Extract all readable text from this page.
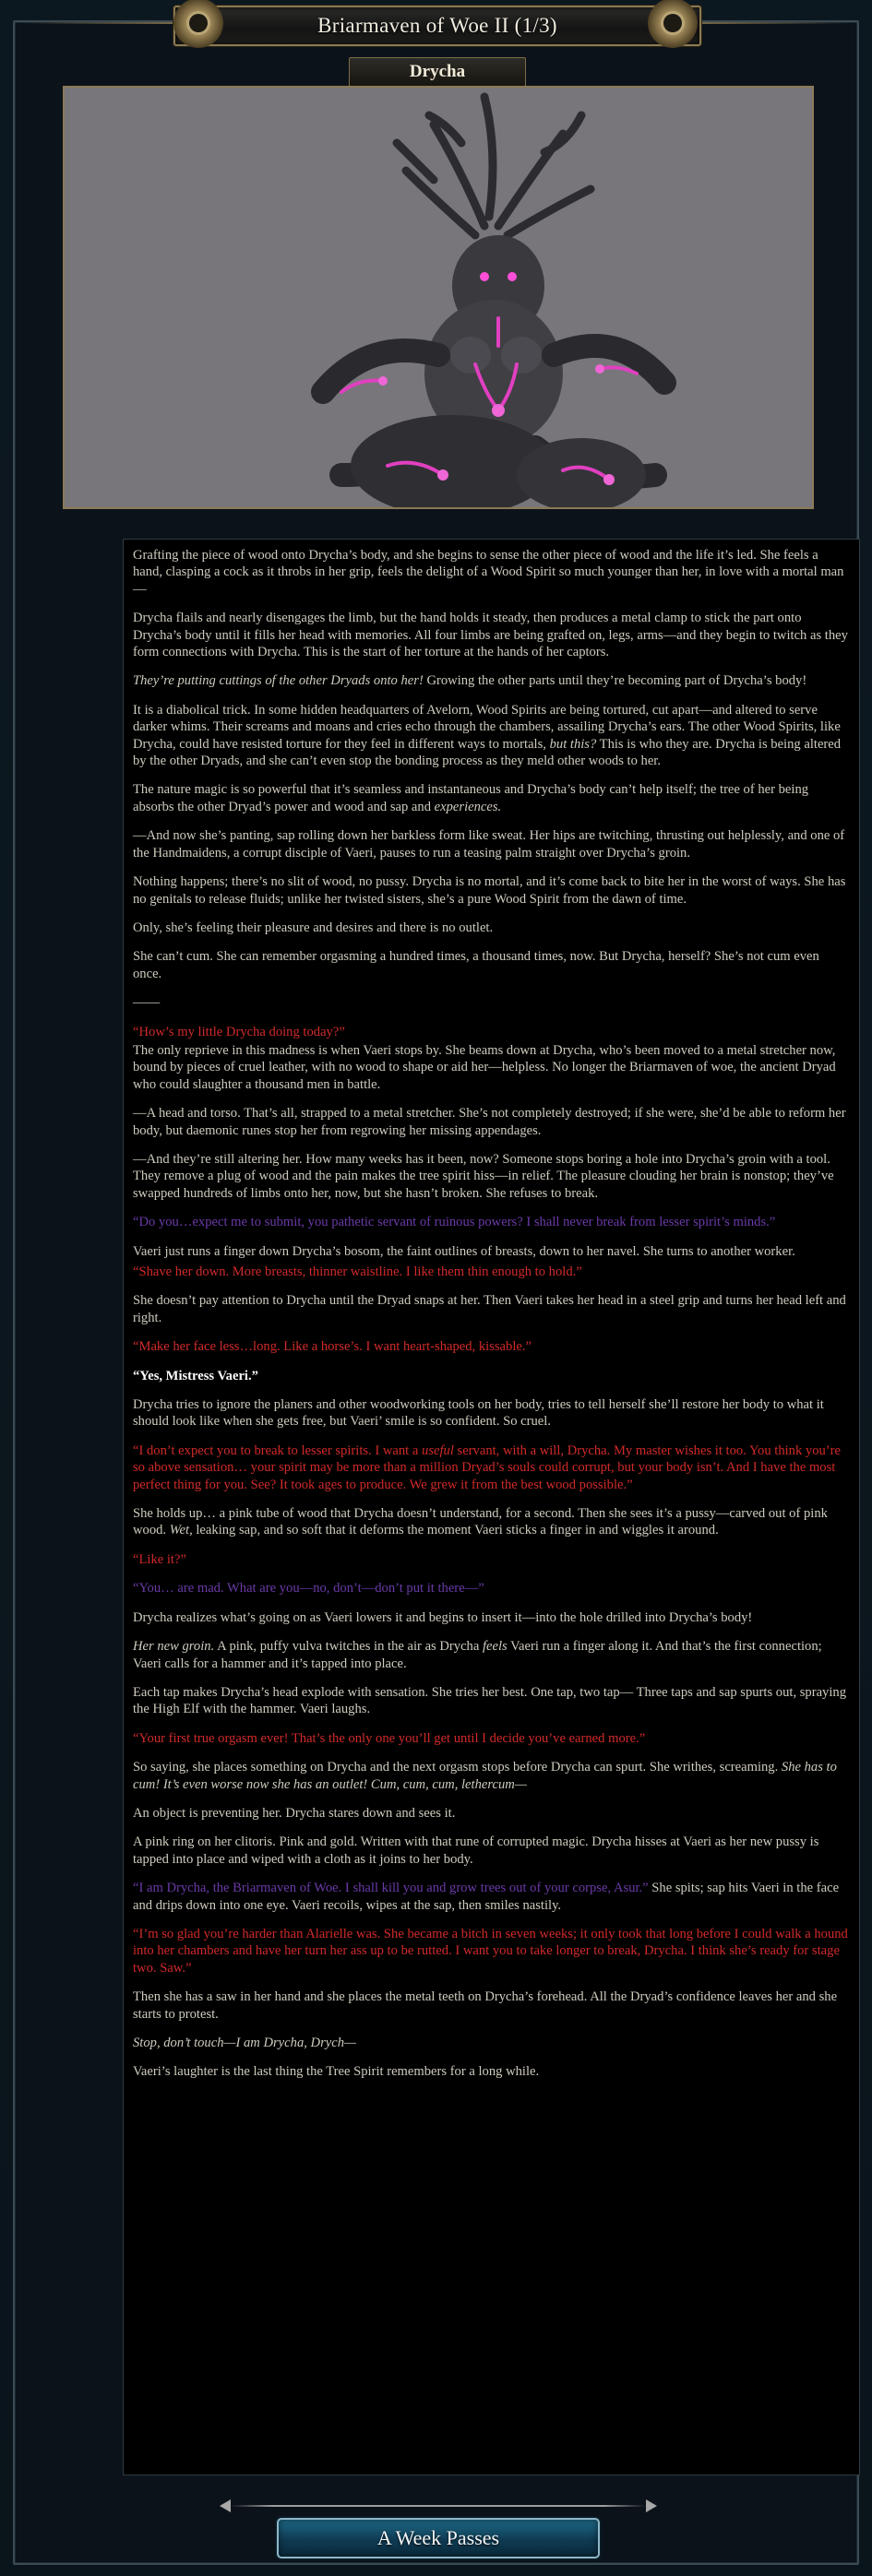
Briarmaven of Woe II (1/3)
Drycha

Grafting the piece of wood onto Drycha’s body, and she begins to sense the other piece of wood and the life it’s led. She feels a hand, clasping a cock as it throbs in her grip, feels the delight of a Wood Spirit so much younger than her, in love with a mortal man—

Drycha flails and nearly disengages the limb, but the hand holds it steady, then produces a metal clamp to stick the part onto Drycha’s body until it fills her head with memories. All four limbs are being grafted on, legs, arms—and they begin to twitch as they form connections with Drycha. This is the start of her torture at the hands of her captors.

They’re putting cuttings of the other Dryads onto her! Growing the other parts until they’re becoming part of Drycha’s body!

It is a diabolical trick. In some hidden headquarters of Avelorn, Wood Spirits are being tortured, cut apart—and altered to serve darker whims. Their screams and moans and cries echo through the chambers, assailing Drycha’s ears. The other Wood Spirits, like Drycha, could have resisted torture for they feel in different ways to mortals, but this? This is who they are. Drycha is being altered by the other Dryads, and she can’t even stop the bonding process as they meld other woods to her.

The nature magic is so powerful that it’s seamless and instantaneous and Drycha’s body can’t help itself; the tree of her being absorbs the other Dryad’s power and wood and sap and experiences.

—And now she’s panting, sap rolling down her barkless form like sweat. Her hips are twitching, thrusting out helplessly, and one of the Handmaidens, a corrupt disciple of Vaeri, pauses to run a teasing palm straight over Drycha’s groin.

Nothing happens; there’s no slit of wood, no pussy. Drycha is no mortal, and it’s come back to bite her in the worst of ways. She has no genitals to release fluids; unlike her twisted sisters, she’s a pure Wood Spirit from the dawn of time.

Only, she’s feeling their pleasure and desires and there is no outlet.

She can’t cum. She can remember orgasming a hundred times, a thousand times, now. But Drycha, herself? She’s not cum even once.

——

“How’s my little Drycha doing today?”

The only reprieve in this madness is when Vaeri stops by. She beams down at Drycha, who’s been moved to a metal stretcher now, bound by pieces of cruel leather, with no wood to shape or aid her—helpless. No longer the Briarmaven of woe, the ancient Dryad who could slaughter a thousand men in battle.

—A head and torso. That’s all, strapped to a metal stretcher. She’s not completely destroyed; if she were, she’d be able to reform her body, but daemonic runes stop her from regrowing her missing appendages.

—And they’re still altering her. How many weeks has it been, now? Someone stops boring a hole into Drycha’s groin with a tool. They remove a plug of wood and the pain makes the tree spirit hiss—in relief. The pleasure clouding her brain is nonstop; they’ve swapped hundreds of limbs onto her, now, but she hasn’t broken. She refuses to break.

“Do you…expect me to submit, you pathetic servant of ruinous powers? I shall never break from lesser spirit’s minds.”

Vaeri just runs a finger down Drycha’s bosom, the faint outlines of breasts, down to her navel. She turns to another worker.

“Shave her down. More breasts, thinner waistline. I like them thin enough to hold.”

She doesn’t pay attention to Drycha until the Dryad snaps at her. Then Vaeri takes her head in a steel grip and turns her head left and right.

“Make her face less…long. Like a horse’s. I want heart-shaped, kissable.”

“Yes, Mistress Vaeri.”

Drycha tries to ignore the planers and other woodworking tools on her body, tries to tell herself she’ll restore her body to what it should look like when she gets free, but Vaeri’ smile is so confident. So cruel.

“I don’t expect you to break to lesser spirits. I want a useful servant, with a will, Drycha. My master wishes it too. You think you’re so above sensation… your spirit may be more than a million Dryad’s souls could corrupt, but your body isn’t. And I have the most perfect thing for you. See? It took ages to produce. We grew it from the best wood possible.”

She holds up… a pink tube of wood that Drycha doesn’t understand, for a second. Then she sees it’s a pussy—carved out of pink wood. Wet, leaking sap, and so soft that it deforms the moment Vaeri sticks a finger in and wiggles it around.

“Like it?”

“You… are mad. What are you—no, don’t—don’t put it there—”

Drycha realizes what’s going on as Vaeri lowers it and begins to insert it—into the hole drilled into Drycha’s body!

Her new groin. A pink, puffy vulva twitches in the air as Drycha feels Vaeri run a finger along it. And that’s the first connection; Vaeri calls for a hammer and it’s tapped into place.

Each tap makes Drycha’s head explode with sensation. She tries her best. One tap, two tap— Three taps and sap spurts out, spraying the High Elf with the hammer. Vaeri laughs.

“Your first true orgasm ever! That’s the only one you’ll get until I decide you’ve earned more.”

So saying, she places something on Drycha and the next orgasm stops before Drycha can spurt. She writhes, screaming. She has to cum! It’s even worse now she has an outlet! Cum, cum, cum, lethercum—

An object is preventing her. Drycha stares down and sees it.

A pink ring on her clitoris. Pink and gold. Written with that rune of corrupted magic. Drycha hisses at Vaeri as her new pussy is tapped into place and wiped with a cloth as it joins to her body.

“I am Drycha, the Briarmaven of Woe. I shall kill you and grow trees out of your corpse, Asur.” She spits; sap hits Vaeri in the face and drips down into one eye. Vaeri recoils, wipes at the sap, then smiles nastily.

“I’m so glad you’re harder than Alarielle was. She became a bitch in seven weeks; it only took that long before I could walk a hound into her chambers and have her turn her ass up to be rutted. I want you to take longer to break, Drycha. I think she’s ready for stage two. Saw.”

Then she has a saw in her hand and she places the metal teeth on Drycha’s forehead. All the Dryad’s confidence leaves her and she starts to protest.

Stop, don’t touch—I am Drycha, Drych—

Vaeri’s laughter is the last thing the Tree Spirit remembers for a long while.

A Week Passes
